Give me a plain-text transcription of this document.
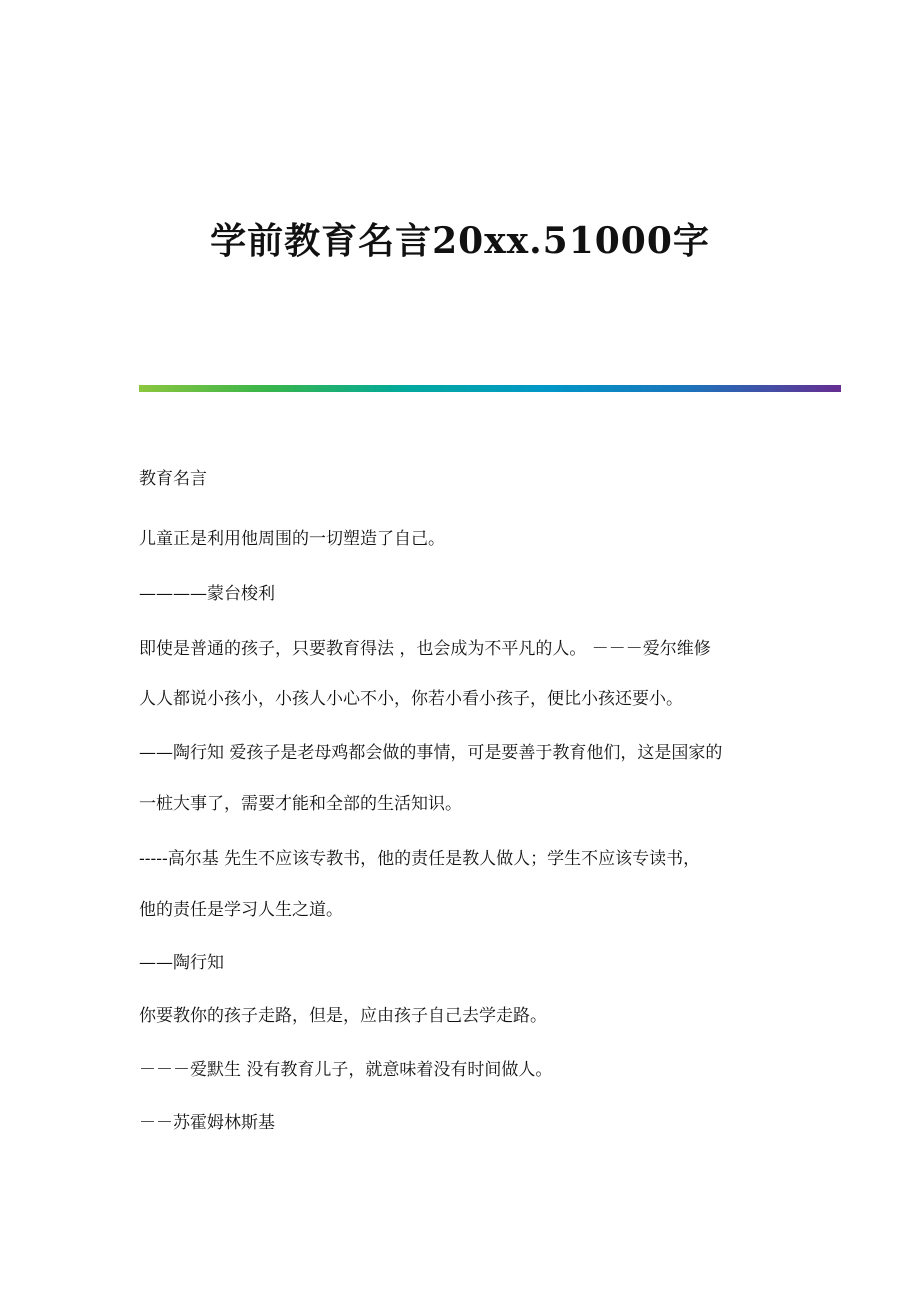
学前教育名言20xx.51000字
教育名言
儿童正是利用他周围的一切塑造了自己。
————蒙台梭利
即使是普通的孩子，只要教育得法 ，也会成为不平凡的人。 －－－爱尔维修
人人都说小孩小，小孩人小心不小，你若小看小孩子，便比小孩还要小。
——陶行知 爱孩子是老母鸡都会做的事情，可是要善于教育他们，这是国家的
一桩大事了，需要才能和全部的生活知识。
-----高尔基 先生不应该专教书，他的责任是教人做人；学生不应该专读书，
他的责任是学习人生之道。
——陶行知
你要教你的孩子走路，但是，应由孩子自己去学走路。
－－－爱默生 没有教育儿子，就意味着没有时间做人。
－－苏霍姆林斯基
